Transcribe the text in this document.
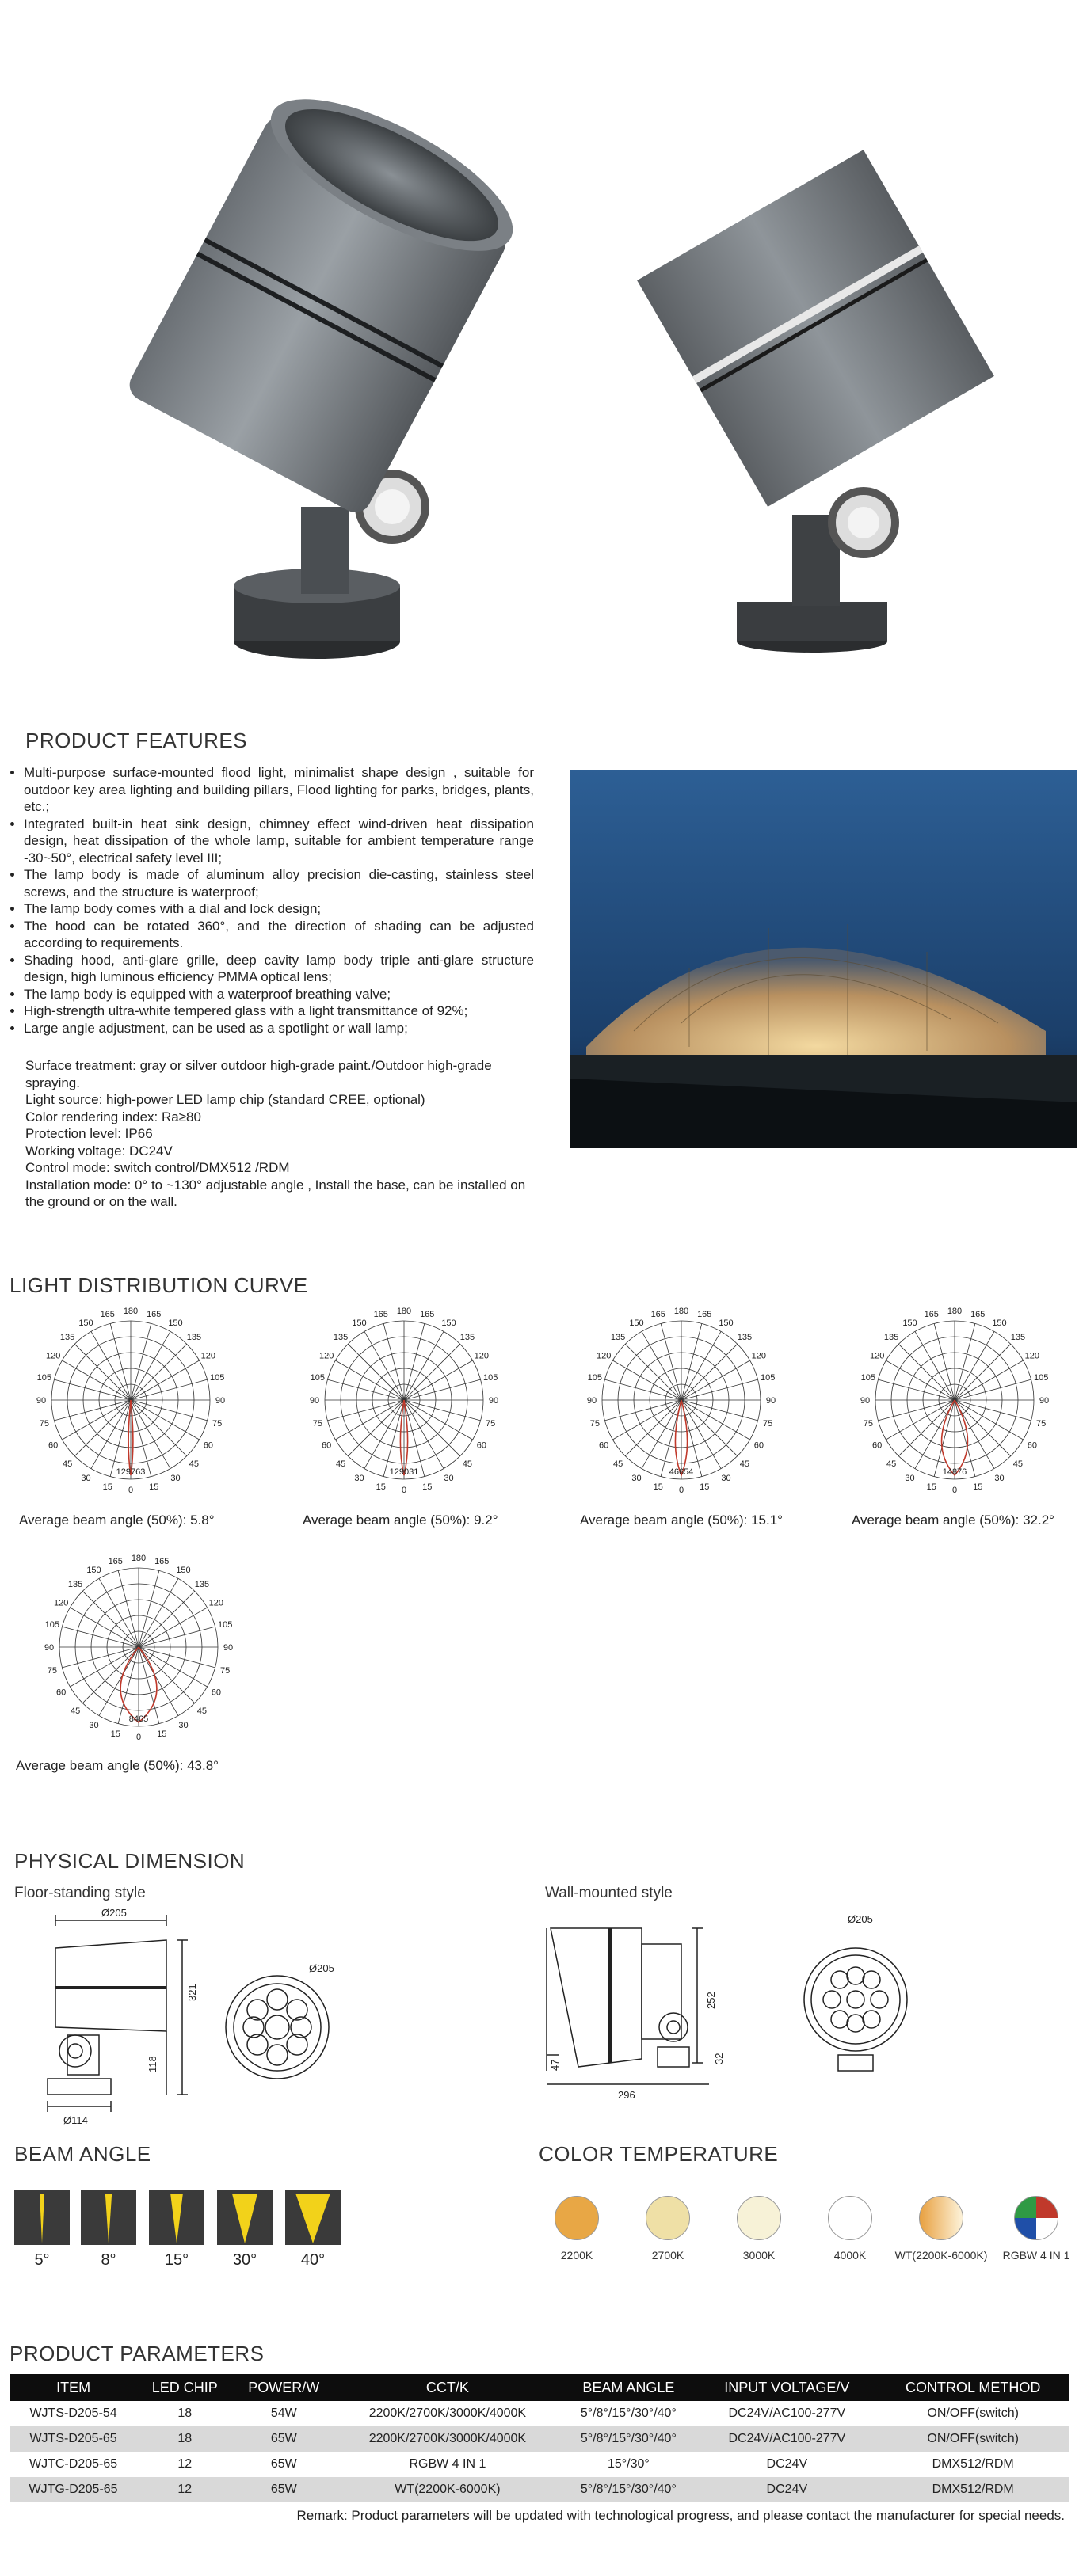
PRODUCT FEATURES
• Multi-purpose surface-mounted flood light, minimalist shape design , suitable for outdoor key area lighting and building pillars, Flood lighting for parks, bridges, plants, etc.;
• Integrated built-in heat sink design, chimney effect wind-driven heat dissipation design, heat dissipation of the whole lamp, suitable for ambient temperature range -30~50°, electrical safety level III;
• The lamp body is made of aluminum alloy precision die-casting, stainless steel screws, and the structure is waterproof;
• The lamp body comes with a dial and lock design;
• The hood can be rotated 360°, and the direction of shading can be adjusted according to requirements.
• Shading hood, anti-glare grille, deep cavity lamp body triple anti-glare structure design, high luminous efficiency PMMA optical lens;
• The lamp body is equipped with a waterproof breathing valve;
• High-strength ultra-white tempered glass with a light transmittance of 92%;
• Large angle adjustment, can be used as a spotlight or wall lamp;
Surface treatment: gray or silver outdoor high-grade paint./Outdoor high-grade spraying.
Light source: high-power LED lamp chip (standard CREE, optional)
Color rendering index: Ra≥80
Protection level: IP66
Working voltage: DC24V
Control mode: switch control/DMX512 /RDM
Installation mode: 0° to ~130° adjustable angle , Install the base, can be installed on the ground or on the wall.
LIGHT DISTRIBUTION CURVE
180
165	165
150	150
135	135
120	120
105	105
90	90
75	75
60	60
45	45
30	30
15	15
0
129763
180
165	165
150	150
135	135
120	120
105	105
90	90
75	75
60	60
45	45
30	30
15	15
0
129031
180
165	165
150	150
135	135
120	120
105	105
90	90
75	75
60	60
45	45
30	30
15	15
0
46654
180
165	165
150	150
135	135
120	120
105	105
90	90
75	75
60	60
45	45
30	30
15	15
0
14876
180
165	165
150	150
135	135
120	120
105	105
90	90
75	75
60	60
45	45
30	30
15	15
0
8465
Average beam angle (50%): 5.8°	Average beam angle (50%): 9.2°	Average beam angle (50%): 15.1°	Average beam angle (50%): 32.2°
Average beam angle (50%): 43.8°
PHYSICAL DIMENSION
Floor-standing style	Wall-mounted style
Ø205
Ø205
321
118
Ø114
Ø205
252
47
296
32
BEAM ANGLE
5°	8°	15°	30°	40°
COLOR TEMPERATURE
2200K	2700K	3000K	4000K	WT(2200K-6000K)	RGBW 4 IN 1
PRODUCT PARAMETERS
ITEM	LED CHIP	POWER/W	CCT/K	BEAM ANGLE	INPUT VOLTAGE/V	CONTROL METHOD
WJTS-D205-54	18	54W	2200K/2700K/3000K/4000K	5°/8°/15°/30°/40°	DC24V/AC100-277V	ON/OFF(switch)
WJTS-D205-65	18	65W	2200K/2700K/3000K/4000K	5°/8°/15°/30°/40°	DC24V/AC100-277V	ON/OFF(switch)
WJTC-D205-65	12	65W	RGBW 4 IN 1	15°/30°	DC24V	DMX512/RDM
WJTG-D205-65	12	65W	WT(2200K-6000K)	5°/8°/15°/30°/40°	DC24V	DMX512/RDM
Remark: Product parameters will be updated with technological progress, and please contact the manufacturer for special needs.
